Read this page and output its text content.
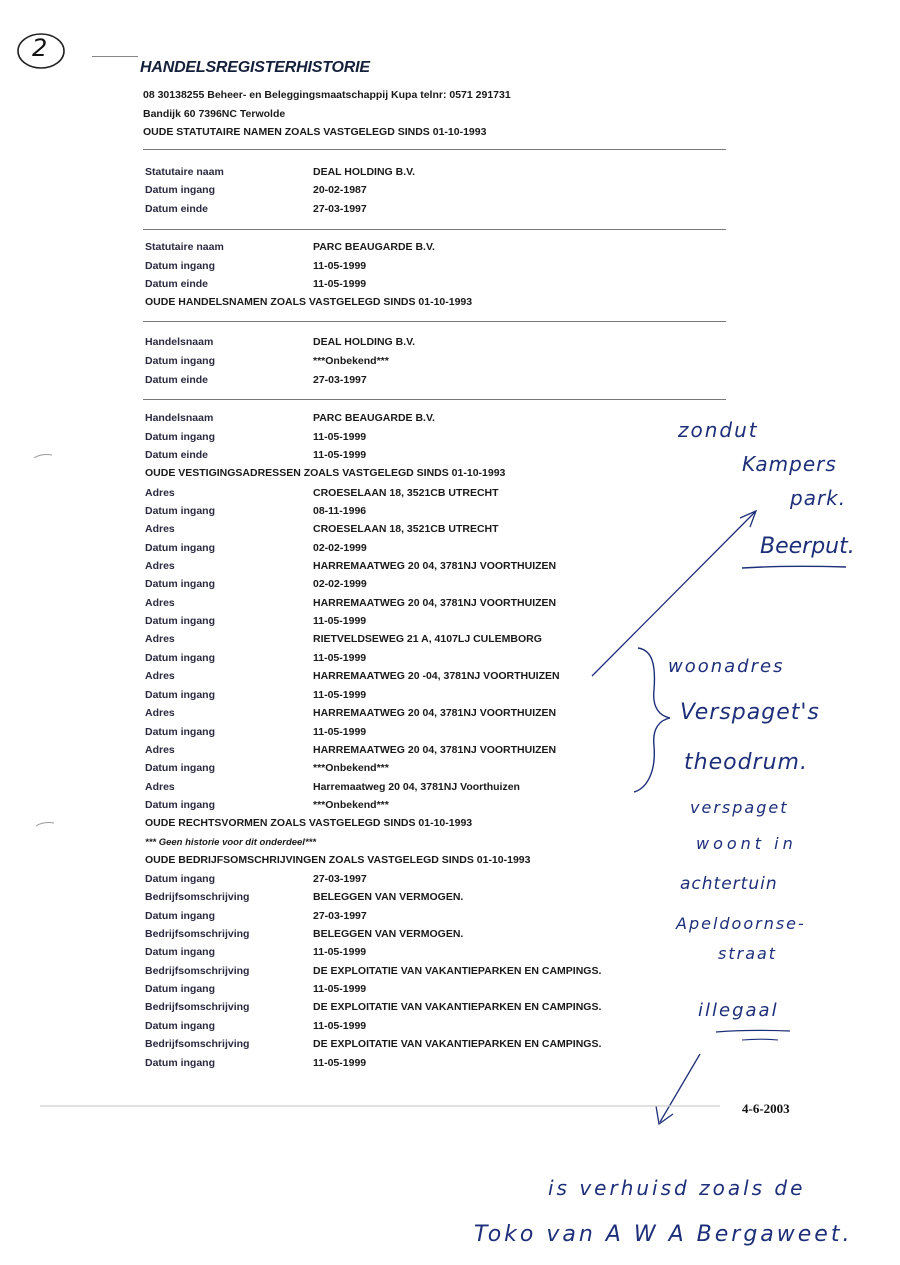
2
HANDELSREGISTERHISTORIE
08 30138255 Beheer- en Beleggingsmaatschappij Kupa telnr: 0571 291731
Bandijk 60 7396NC Terwolde
OUDE STATUTAIRE NAMEN ZOALS VASTGELEGD SINDS 01-10-1993
Statutaire naam	DEAL HOLDING B.V.
Datum ingang	20-02-1987
Datum einde	27-03-1997
Statutaire naam	PARC BEAUGARDE B.V.
Datum ingang	11-05-1999
Datum einde	11-05-1999
OUDE HANDELSNAMEN ZOALS VASTGELEGD SINDS 01-10-1993
Handelsnaam	DEAL HOLDING B.V.
Datum ingang	***Onbekend***
Datum einde	27-03-1997
Handelsnaam	PARC BEAUGARDE B.V.
Datum ingang	11-05-1999
Datum einde	11-05-1999
OUDE VESTIGINGSADRESSEN ZOALS VASTGELEGD SINDS 01-10-1993
Adres	CROESELAAN 18, 3521CB UTRECHT
Datum ingang	08-11-1996
Adres	CROESELAAN 18, 3521CB UTRECHT
Datum ingang	02-02-1999
Adres	HARREMAATWEG 20 04, 3781NJ VOORTHUIZEN
Datum ingang	02-02-1999
Adres	HARREMAATWEG 20 04, 3781NJ VOORTHUIZEN
Datum ingang	11-05-1999
Adres	RIETVELDSEWEG 21 A, 4107LJ CULEMBORG
Datum ingang	11-05-1999
Adres	HARREMAATWEG 20 -04, 3781NJ VOORTHUIZEN
Datum ingang	11-05-1999
Adres	HARREMAATWEG 20 04, 3781NJ VOORTHUIZEN
Datum ingang	11-05-1999
Adres	HARREMAATWEG 20 04, 3781NJ VOORTHUIZEN
Datum ingang	***Onbekend***
Adres	Harremaatweg 20 04, 3781NJ Voorthuizen
Datum ingang	***Onbekend***
OUDE RECHTSVORMEN ZOALS VASTGELEGD SINDS 01-10-1993
*** Geen historie voor dit onderdeel***
OUDE BEDRIJFSOMSCHRIJVINGEN ZOALS VASTGELEGD SINDS 01-10-1993
Datum ingang	27-03-1997
Bedrijfsomschrijving	BELEGGEN VAN VERMOGEN.
Datum ingang	27-03-1997
Bedrijfsomschrijving	BELEGGEN VAN VERMOGEN.
Datum ingang	11-05-1999
Bedrijfsomschrijving	DE EXPLOITATIE VAN VAKANTIEPARKEN EN CAMPINGS.
Datum ingang	11-05-1999
Bedrijfsomschrijving	DE EXPLOITATIE VAN VAKANTIEPARKEN EN CAMPINGS.
Datum ingang	11-05-1999
Bedrijfsomschrijving	DE EXPLOITATIE VAN VAKANTIEPARKEN EN CAMPINGS.
Datum ingang	11-05-1999
4-6-2003
zondut
Kampers
park.
Beerput.
woonadres
Verspaget's
theodrum.
verspaget
woont in
achtertuin
Apeldoornse-
straat
illegaal
is verhuisd zoals de
Toko van A W A Bergaweet.
